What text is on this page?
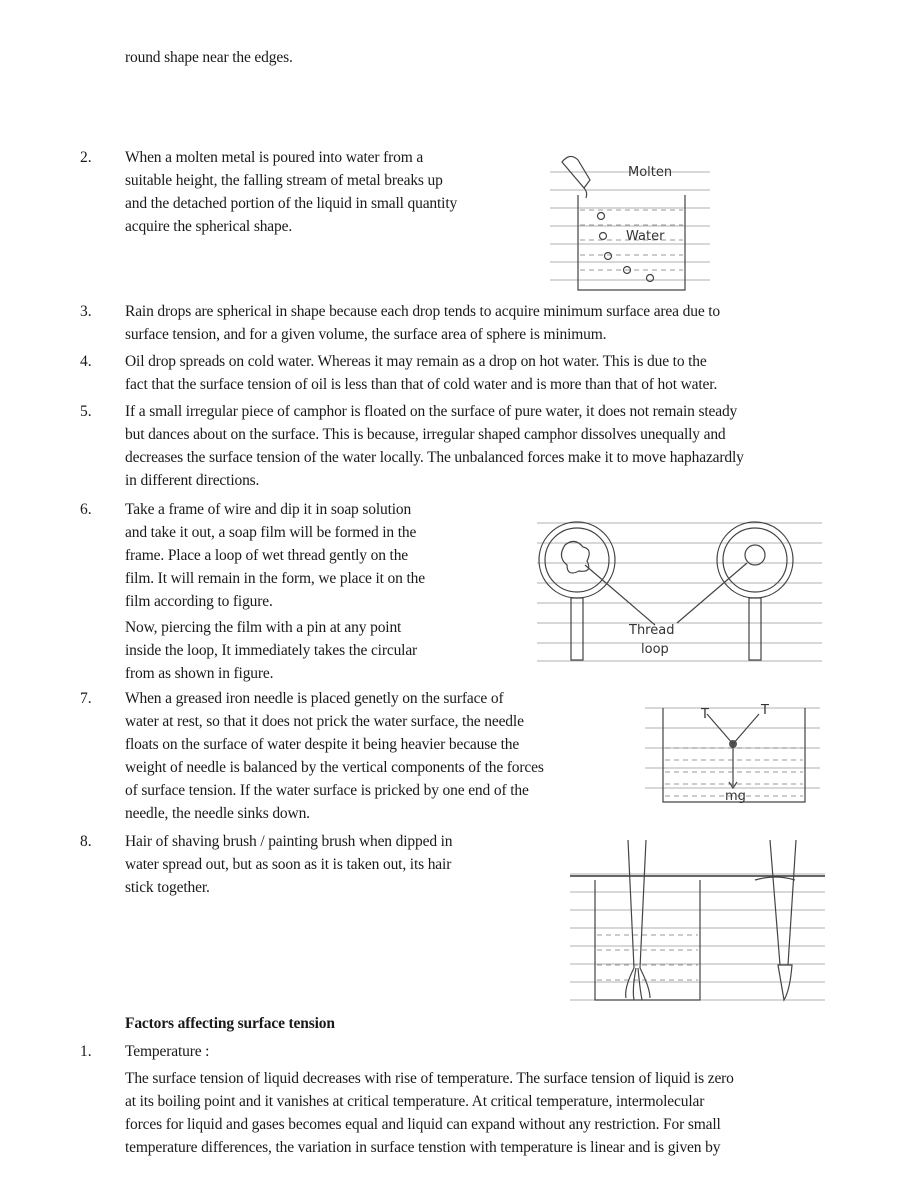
round shape near the edges.
2. When a molten metal is poured into water from a
suitable height, the falling stream of metal breaks up
and the detached portion of the liquid in small quantity
acquire the spherical shape.
Molten
Water
3. Rain drops are spherical in shape because each drop tends to acquire minimum surface area due to
surface tension, and for a given volume, the surface area of sphere is minimum.
4. Oil drop spreads on cold water. Whereas it may remain as a drop on hot water. This is due to the
fact that the surface tension of oil is less than that of cold water and is more than that of hot water.
5. If a small irregular piece of camphor is floated on the surface of pure water, it does not remain steady
but dances about on the surface. This is because, irregular shaped camphor dissolves unequally and
decreases the surface tension of the water locally. The unbalanced forces make it to move haphazardly
in different directions.
6. Take a frame of wire and dip it in soap solution
and take it out, a soap film will be formed in the
frame. Place a loop of wet thread gently on the
film. It will remain in the form, we place it on the
film according to figure.
Now, piercing the film with a pin at any point
inside the loop, It immediately takes the circular
from as shown in figure.
Thread
loop
7. When a greased iron needle is placed genetly on the surface of
water at rest, so that it does not prick the water surface, the needle
floats on the surface of water despite it being heavier because the
weight of needle is balanced by the vertical components of the forces
of surface tension. If the water surface is pricked by one end of the
needle, the needle sinks down.
T	T
mg
8. Hair of shaving brush / painting brush when dipped in
water spread out, but as soon as it is taken out, its hair
stick together.
Factors affecting surface tension
1. Temperature :
The surface tension of liquid decreases with rise of temperature. The surface tension of liquid is zero
at its boiling point and it vanishes at critical temperature. At critical temperature, intermolecular
forces for liquid and gases becomes equal and liquid can expand without any restriction. For small
temperature differences, the variation in surface tenstion with temperature is linear and is given by
